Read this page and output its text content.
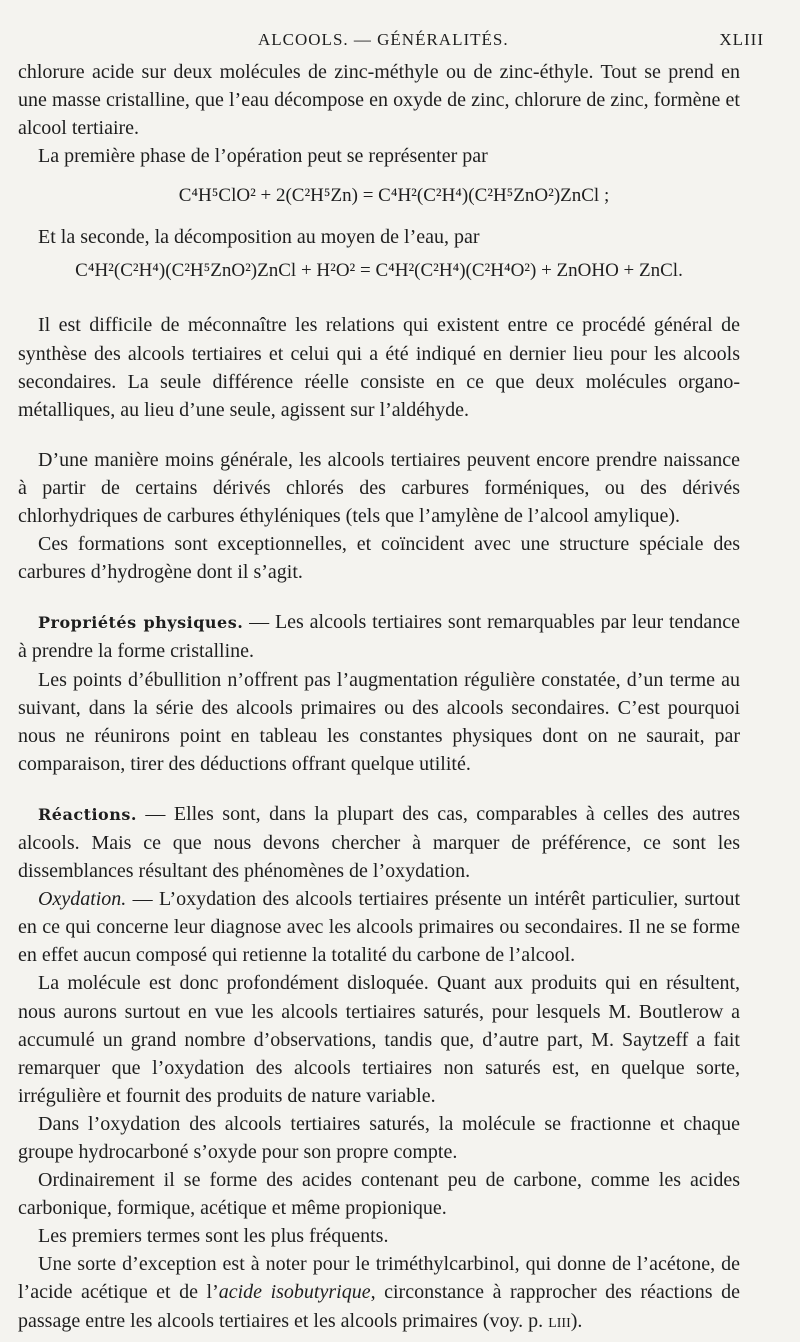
ALCOOLS. — GÉNÉRALITÉS.	XLIII

chlorure acide sur deux molécules de zinc-méthyle ou de zinc-éthyle. Tout se prend en une masse cristalline, que l’eau décompose en oxyde de zinc, chlorure de zinc, formène et alcool tertiaire.

La première phase de l’opération peut se représenter par

C⁴H⁵ClO² + 2(C²H⁵Zn) = C⁴H²(C²H⁴)(C²H⁵ZnO²)ZnCl ;

Et la seconde, la décomposition au moyen de l’eau, par

C⁴H²(C²H⁴)(C²H⁵ZnO²)ZnCl + H²O² = C⁴H²(C²H⁴)(C²H⁴O²) + ZnOHO + ZnCl.

Il est difficile de méconnaître les relations qui existent entre ce procédé général de synthèse des alcools tertiaires et celui qui a été indiqué en dernier lieu pour les alcools secondaires. La seule différence réelle consiste en ce que deux molécules organo-métalliques, au lieu d’une seule, agissent sur l’aldéhyde.

D’une manière moins générale, les alcools tertiaires peuvent encore prendre naissance à partir de certains dérivés chlorés des carbures forméniques, ou des dérivés chlorhydriques de carbures éthyléniques (tels que l’amylène de l’alcool amylique).

Ces formations sont exceptionnelles, et coïncident avec une structure spéciale des carbures d’hydrogène dont il s’agit.

Propriétés physiques. — Les alcools tertiaires sont remarquables par leur tendance à prendre la forme cristalline.

Les points d’ébullition n’offrent pas l’augmentation régulière constatée, d’un terme au suivant, dans la série des alcools primaires ou des alcools secondaires. C’est pourquoi nous ne réunirons point en tableau les constantes physiques dont on ne saurait, par comparaison, tirer des déductions offrant quelque utilité.

Réactions. — Elles sont, dans la plupart des cas, comparables à celles des autres alcools. Mais ce que nous devons chercher à marquer de préférence, ce sont les dissemblances résultant des phénomènes de l’oxydation.

Oxydation. — L’oxydation des alcools tertiaires présente un intérêt particulier, surtout en ce qui concerne leur diagnose avec les alcools primaires ou secondaires. Il ne se forme en effet aucun composé qui retienne la totalité du carbone de l’alcool.

La molécule est donc profondément disloquée. Quant aux produits qui en résultent, nous aurons surtout en vue les alcools tertiaires saturés, pour lesquels M. Boutlerow a accumulé un grand nombre d’observations, tandis que, d’autre part, M. Saytzeff a fait remarquer que l’oxydation des alcools tertiaires non saturés est, en quelque sorte, irrégulière et fournit des produits de nature variable.

Dans l’oxydation des alcools tertiaires saturés, la molécule se fractionne et chaque groupe hydrocarboné s’oxyde pour son propre compte.

Ordinairement il se forme des acides contenant peu de carbone, comme les acides carbonique, formique, acétique et même propionique.

Les premiers termes sont les plus fréquents.

Une sorte d’exception est à noter pour le triméthylcarbinol, qui donne de l’acétone, de l’acide acétique et de l’acide isobutyrique, circonstance à rapprocher des réactions de passage entre les alcools tertiaires et les alcools primaires (voy. p. liii).
